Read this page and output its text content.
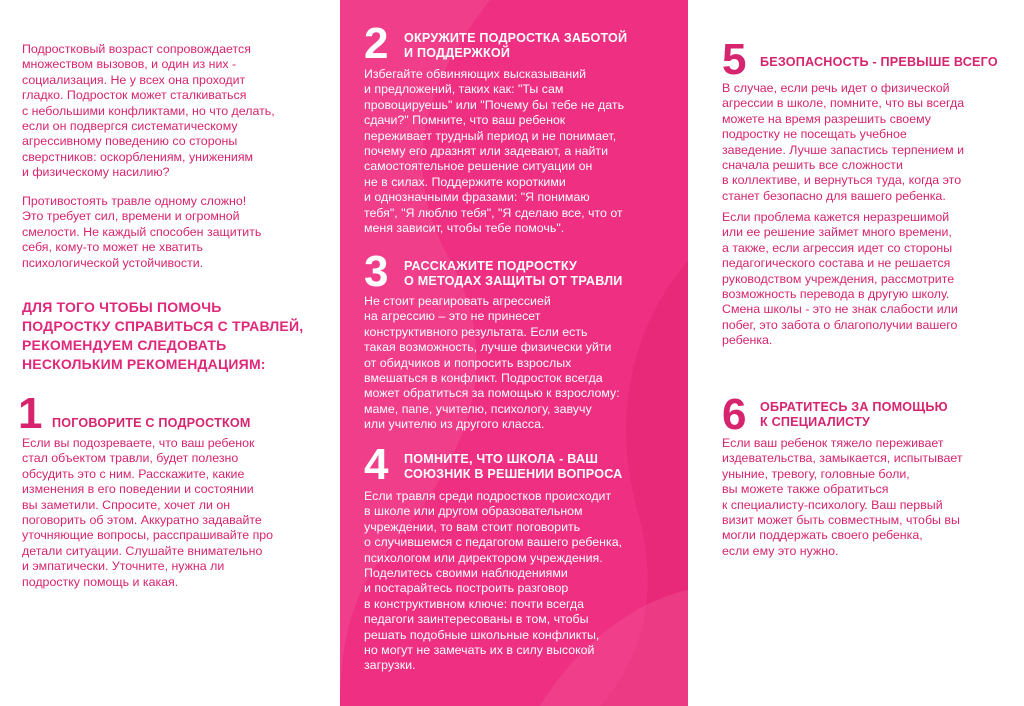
Подростковый возраст сопровождается
множеством вызовов, и один из них -
социализация. Не у всех она проходит
гладко. Подросток может сталкиваться
с небольшими конфликтами, но что делать,
если он подвергся систематическому
агрессивному поведению со стороны
сверстников: оскорблениям, унижениям
и физическому насилию?

Противостоять травле одному сложно!
Это требует сил, времени и огромной
смелости. Не каждый способен защитить
себя, кому-то может не хватить
психологической устойчивости.

ДЛЯ ТОГО ЧТОБЫ ПОМОЧЬ
ПОДРОСТКУ СПРАВИТЬСЯ С ТРАВЛЕЙ,
РЕКОМЕНДУЕМ СЛЕДОВАТЬ
НЕСКОЛЬКИМ РЕКОМЕНДАЦИЯМ:
1 ПОГОВОРИТЕ С ПОДРОСТКОМ

Если вы подозреваете, что ваш ребенок
стал объектом травли, будет полезно
обсудить это с ним. Расскажите, какие
изменения в его поведении и состоянии
вы заметили. Спросите, хочет ли он
поговорить об этом. Аккуратно задавайте
уточняющие вопросы, расспрашивайте про
детали ситуации. Слушайте внимательно
и эмпатически. Уточните, нужна ли
подростку помощь и какая.

2 ОКРУЖИТЕ ПОДРОСТКА ЗАБОТОЙ
И ПОДДЕРЖКОЙ

Избегайте обвиняющих высказываний
и предложений, таких как: "Ты сам
провоцируешь" или "Почему бы тебе не дать
сдачи?" Помните, что ваш ребенок
переживает трудный период и не понимает,
почему его дразнят или задевают, а найти
самостоятельное решение ситуации он
не в силах. Поддержите короткими
и однозначными фразами: "Я понимаю
тебя", "Я люблю тебя", "Я сделаю все, что от
меня зависит, чтобы тебе помочь".

3 РАССКАЖИТЕ ПОДРОСТКУ
О МЕТОДАХ ЗАЩИТЫ ОТ ТРАВЛИ

Не стоит реагировать агрессией
на агрессию – это не принесет
конструктивного результата. Если есть
такая возможность, лучше физически уйти
от обидчиков и попросить взрослых
вмешаться в конфликт. Подросток всегда
может обратиться за помощью к взрослому:
маме, папе, учителю, психологу, завучу
или учителю из другого класса.

4 ПОМНИТЕ, ЧТО ШКОЛА - ВАШ
СОЮЗНИК В РЕШЕНИИ ВОПРОСА

Если травля среди подростков происходит
в школе или другом образовательном
учреждении, то вам стоит поговорить
о случившемся с педагогом вашего ребенка,
психологом или директором учреждения.
Поделитесь своими наблюдениями
и постарайтесь построить разговор
в конструктивном ключе: почти всегда
педагоги заинтересованы в том, чтобы
решать подобные школьные конфликты,
но могут не замечать их в силу высокой
загрузки.

5 БЕЗОПАСНОСТЬ - ПРЕВЫШЕ ВСЕГО

В случае, если речь идет о физической
агрессии в школе, помните, что вы всегда
можете на время разрешить своему
подростку не посещать учебное
заведение. Лучше запастись терпением и
сначала решить все сложности
в коллективе, и вернуться туда, когда это
станет безопасно для вашего ребенка.

Если проблема кажется неразрешимой
или ее решение займет много времени,
а также, если агрессия идет со стороны
педагогического состава и не решается
руководством учреждения, рассмотрите
возможность перевода в другую школу.
Смена школы - это не знак слабости или
побег, это забота о благополучии вашего
ребенка.

6 ОБРАТИТЕСЬ ЗА ПОМОЩЬЮ
К СПЕЦИАЛИСТУ

Если ваш ребенок тяжело переживает
издевательства, замыкается, испытывает
уныние, тревогу, головные боли,
вы можете также обратиться
к специалисту-психологу. Ваш первый
визит может быть совместным, чтобы вы
могли поддержать своего ребенка,
если ему это нужно.
